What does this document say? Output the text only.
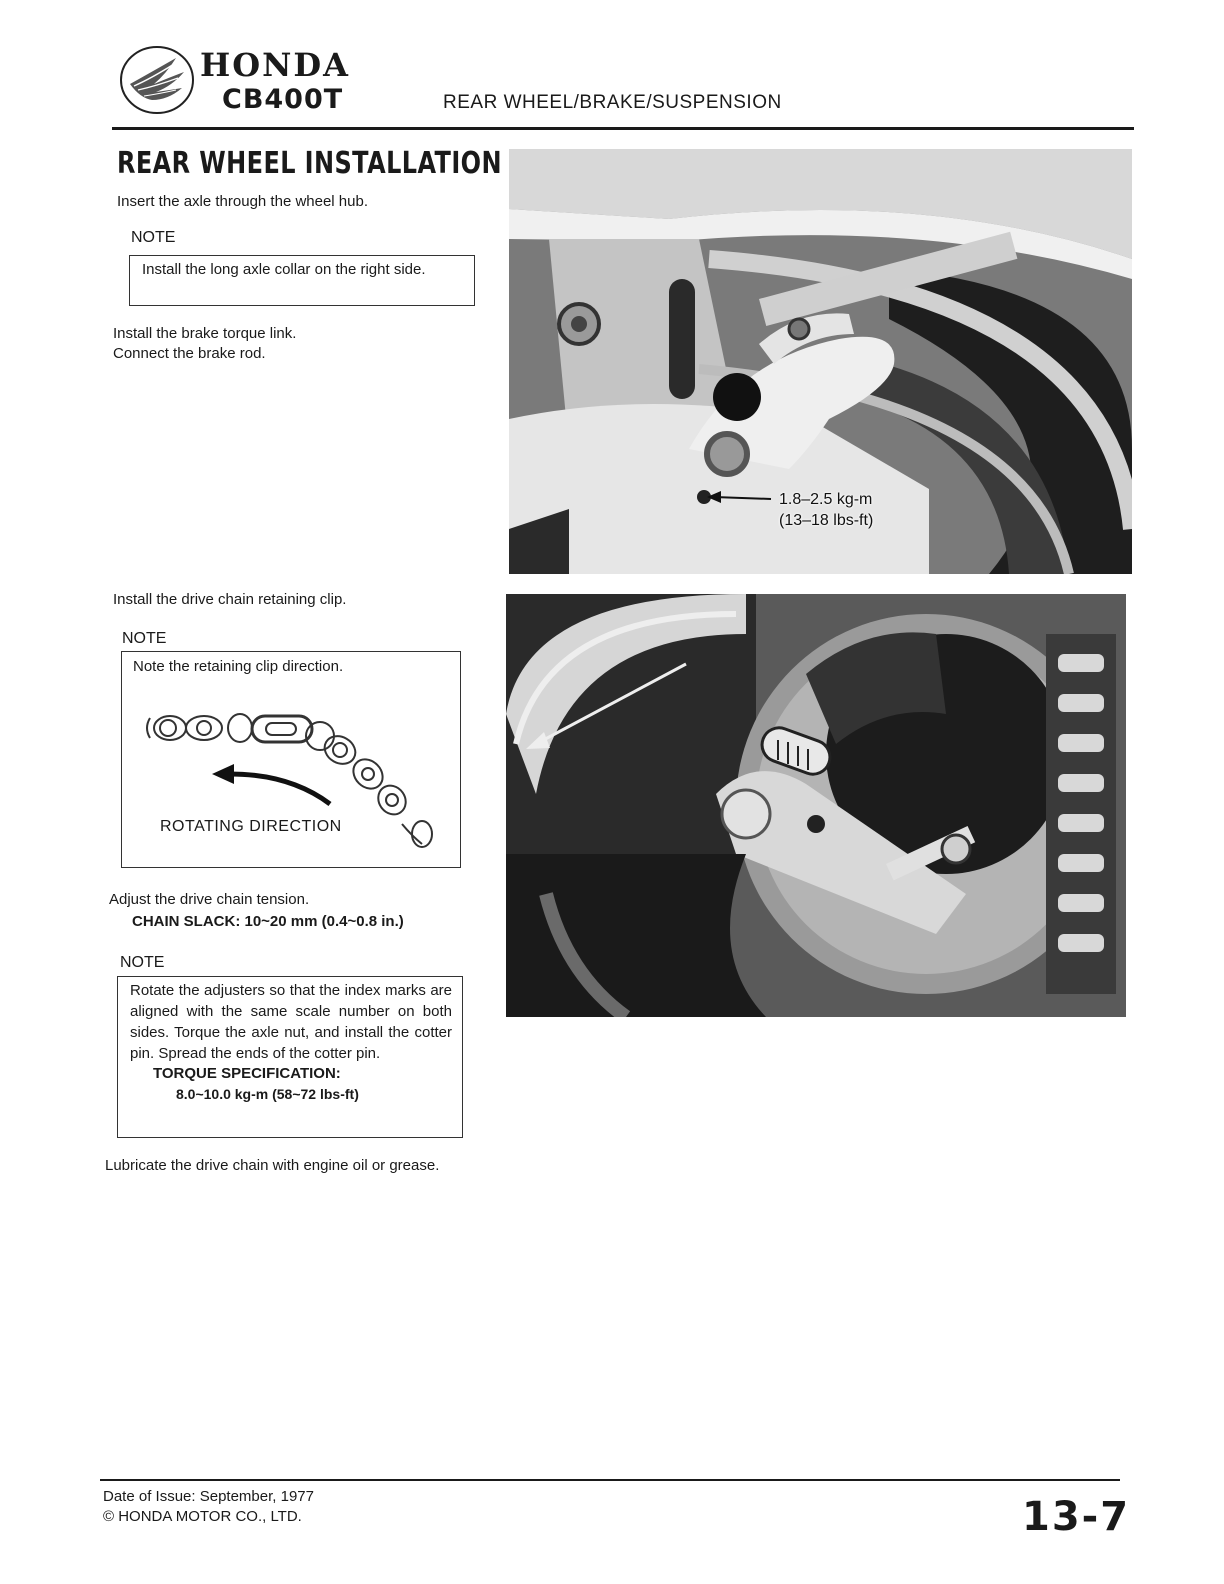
HONDA
CB400T	REAR WHEEL/BRAKE/SUSPENSION
REAR WHEEL INSTALLATION
Insert the axle through the wheel hub.
NOTE
Install the long axle collar on the right side.
Install the brake torque link.
Connect the brake rod.
Install the drive chain retaining clip.
NOTE
Note the retaining clip direction.
ROTATING DIRECTION
Adjust the drive chain tension.
CHAIN SLACK: 10~20 mm (0.4~0.8 in.)
NOTE
Rotate the adjusters so that the index marks are aligned with the same scale number on both sides. Torque the axle nut, and install the cotter pin. Spread the ends of the cotter pin.
TORQUE SPECIFICATION:
8.0~10.0 kg-m (58~72 lbs-ft)
Lubricate the drive chain with engine oil or grease.
1.8–2.5 kg-m
(13–18 lbs-ft)
Date of Issue: September, 1977
© HONDA MOTOR CO., LTD.	13-7
